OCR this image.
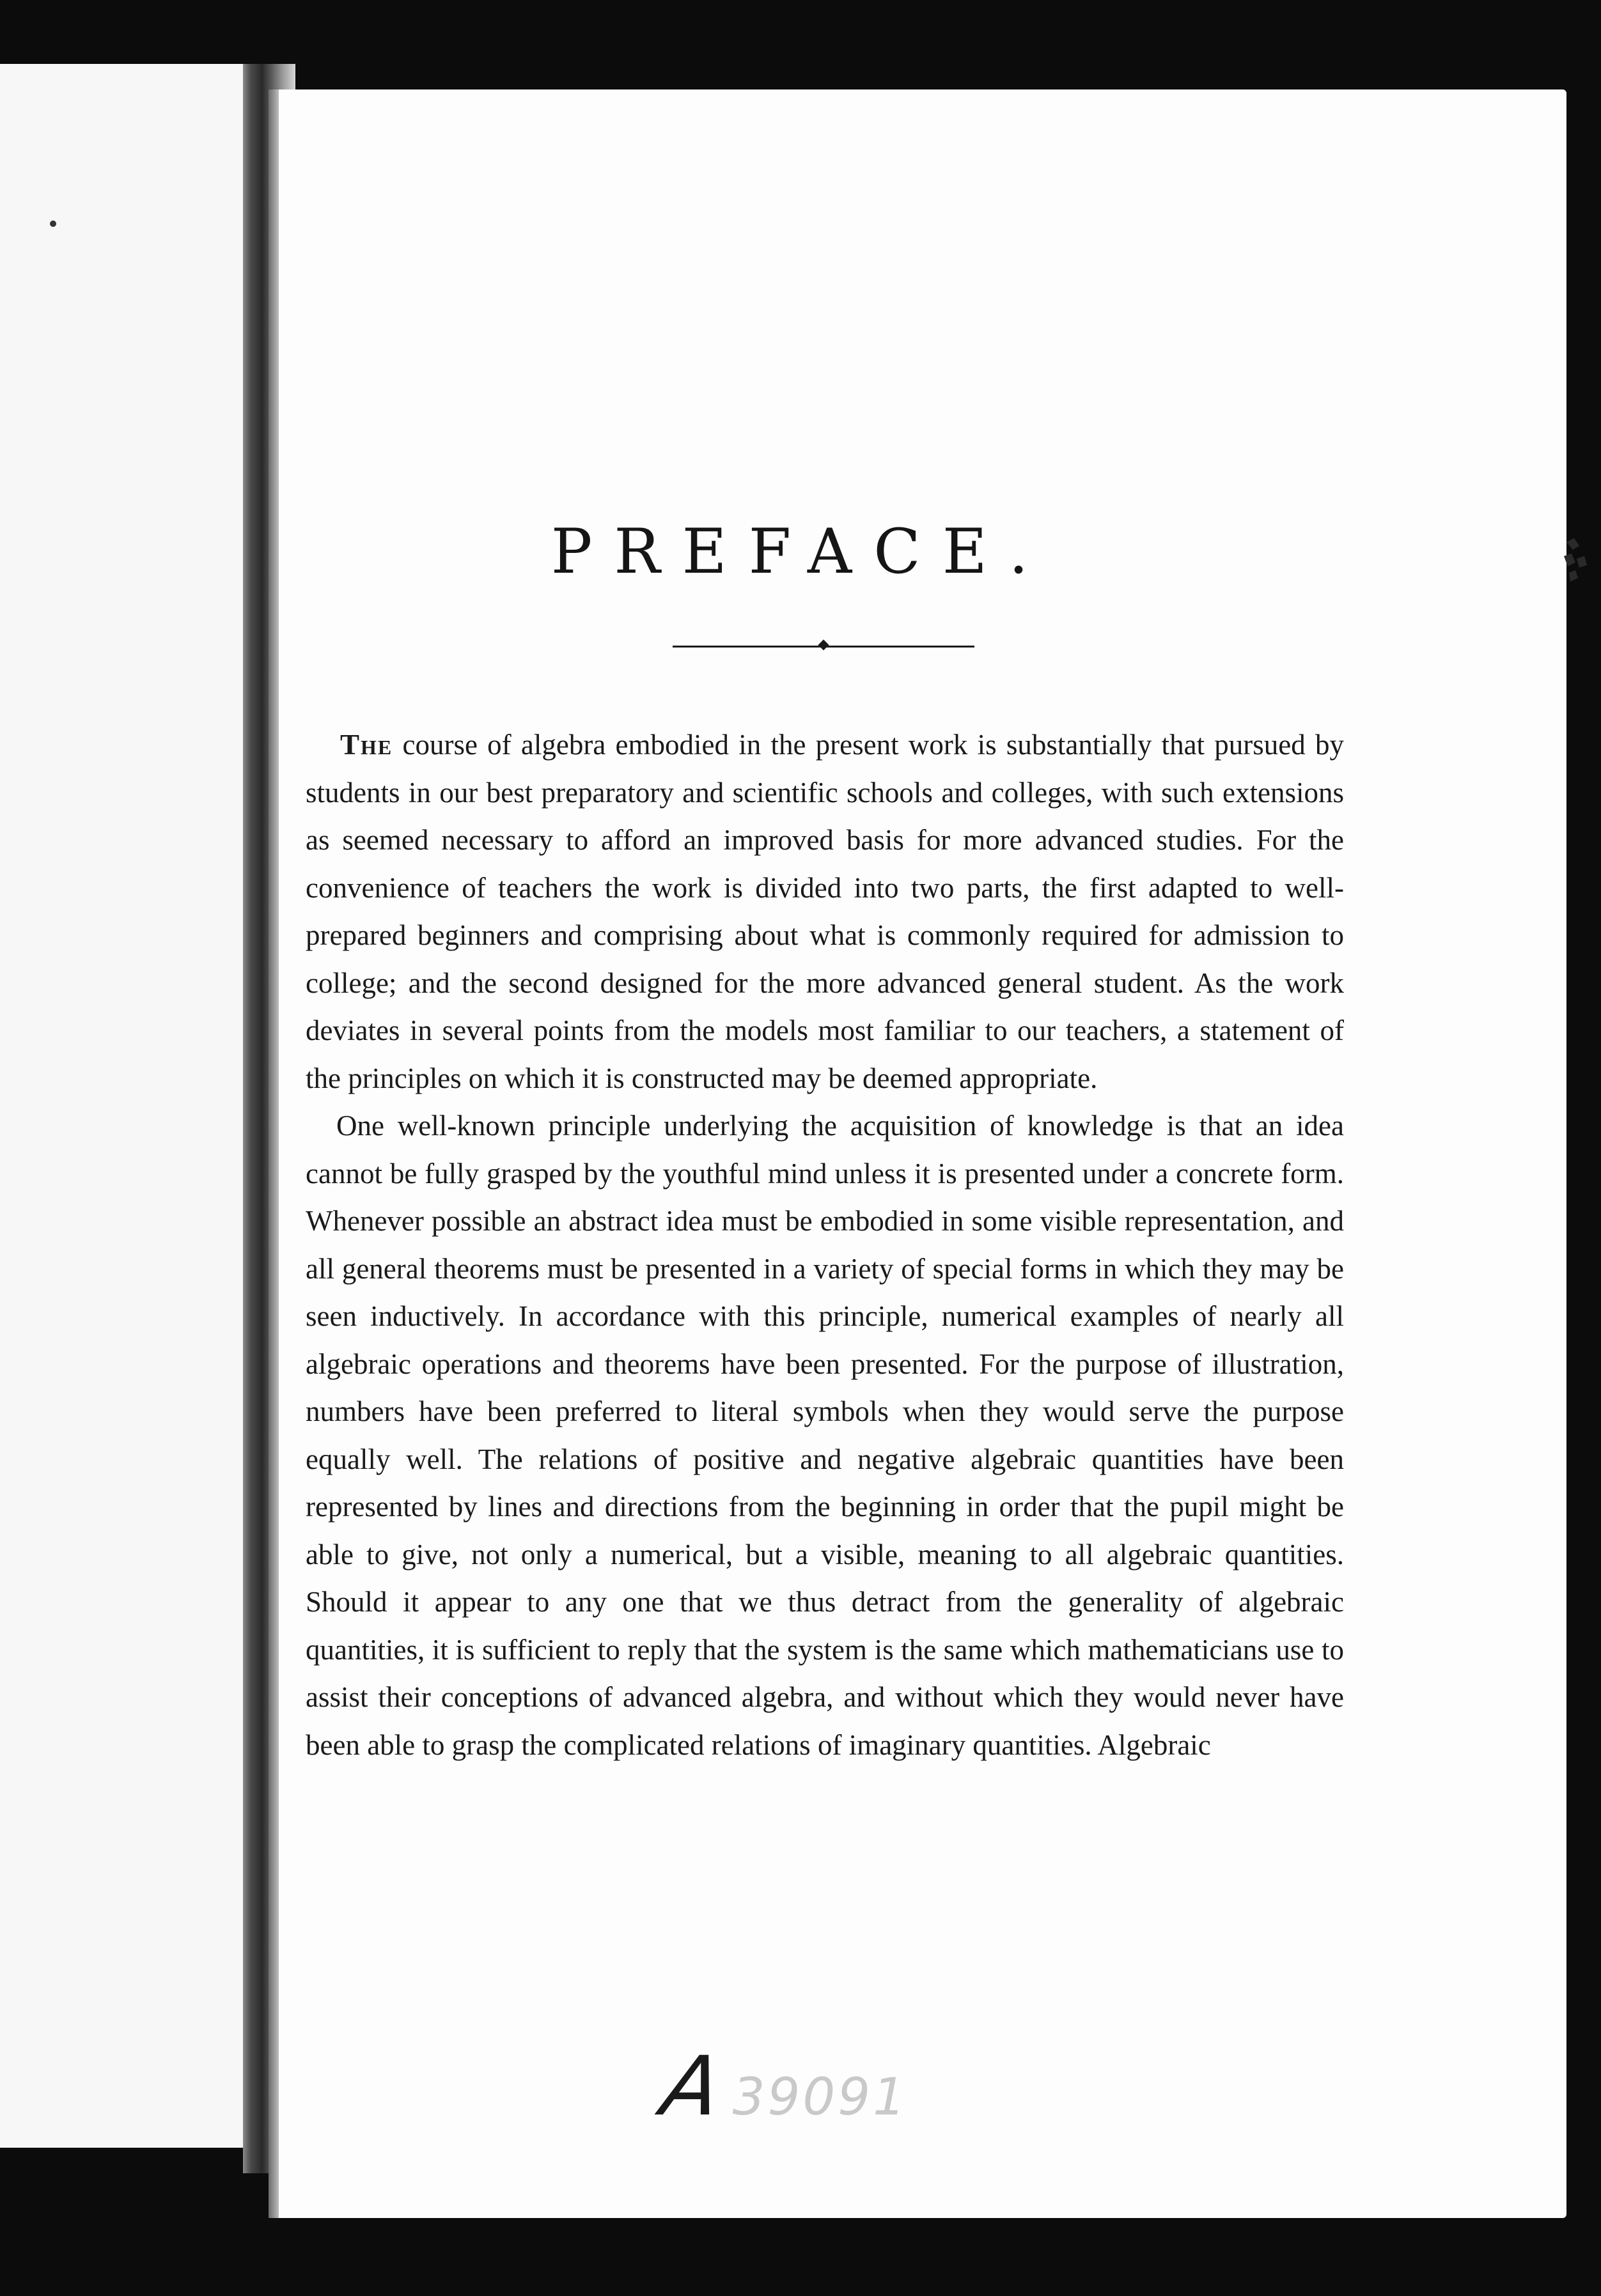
PREFACE.

The course of algebra embodied in the present work is substantially that pursued by students in our best preparatory and scientific schools and colleges, with such extensions as seemed necessary to afford an improved basis for more advanced studies. For the convenience of teachers the work is divided into two parts, the first adapted to well-prepared beginners and comprising about what is commonly required for admission to college; and the second designed for the more advanced general student. As the work deviates in several points from the models most familiar to our teachers, a statement of the principles on which it is constructed may be deemed appropriate.

One well-known principle underlying the acquisition of knowledge is that an idea cannot be fully grasped by the youthful mind unless it is presented under a concrete form. Whenever possible an abstract idea must be embodied in some visible representation, and all general theorems must be presented in a variety of special forms in which they may be seen inductively. In accordance with this principle, numerical examples of nearly all algebraic operations and theorems have been presented. For the purpose of illustration, numbers have been preferred to literal symbols when they would serve the purpose equally well. The relations of positive and negative algebraic quantities have been represented by lines and directions from the beginning in order that the pupil might be able to give, not only a numerical, but a visible, meaning to all algebraic quantities. Should it appear to any one that we thus detract from the generality of algebraic quantities, it is sufficient to reply that the system is the same which mathematicians use to assist their conceptions of advanced algebra, and without which they would never have been able to grasp the complicated relations of imaginary quantities. Algebraic

A39091
